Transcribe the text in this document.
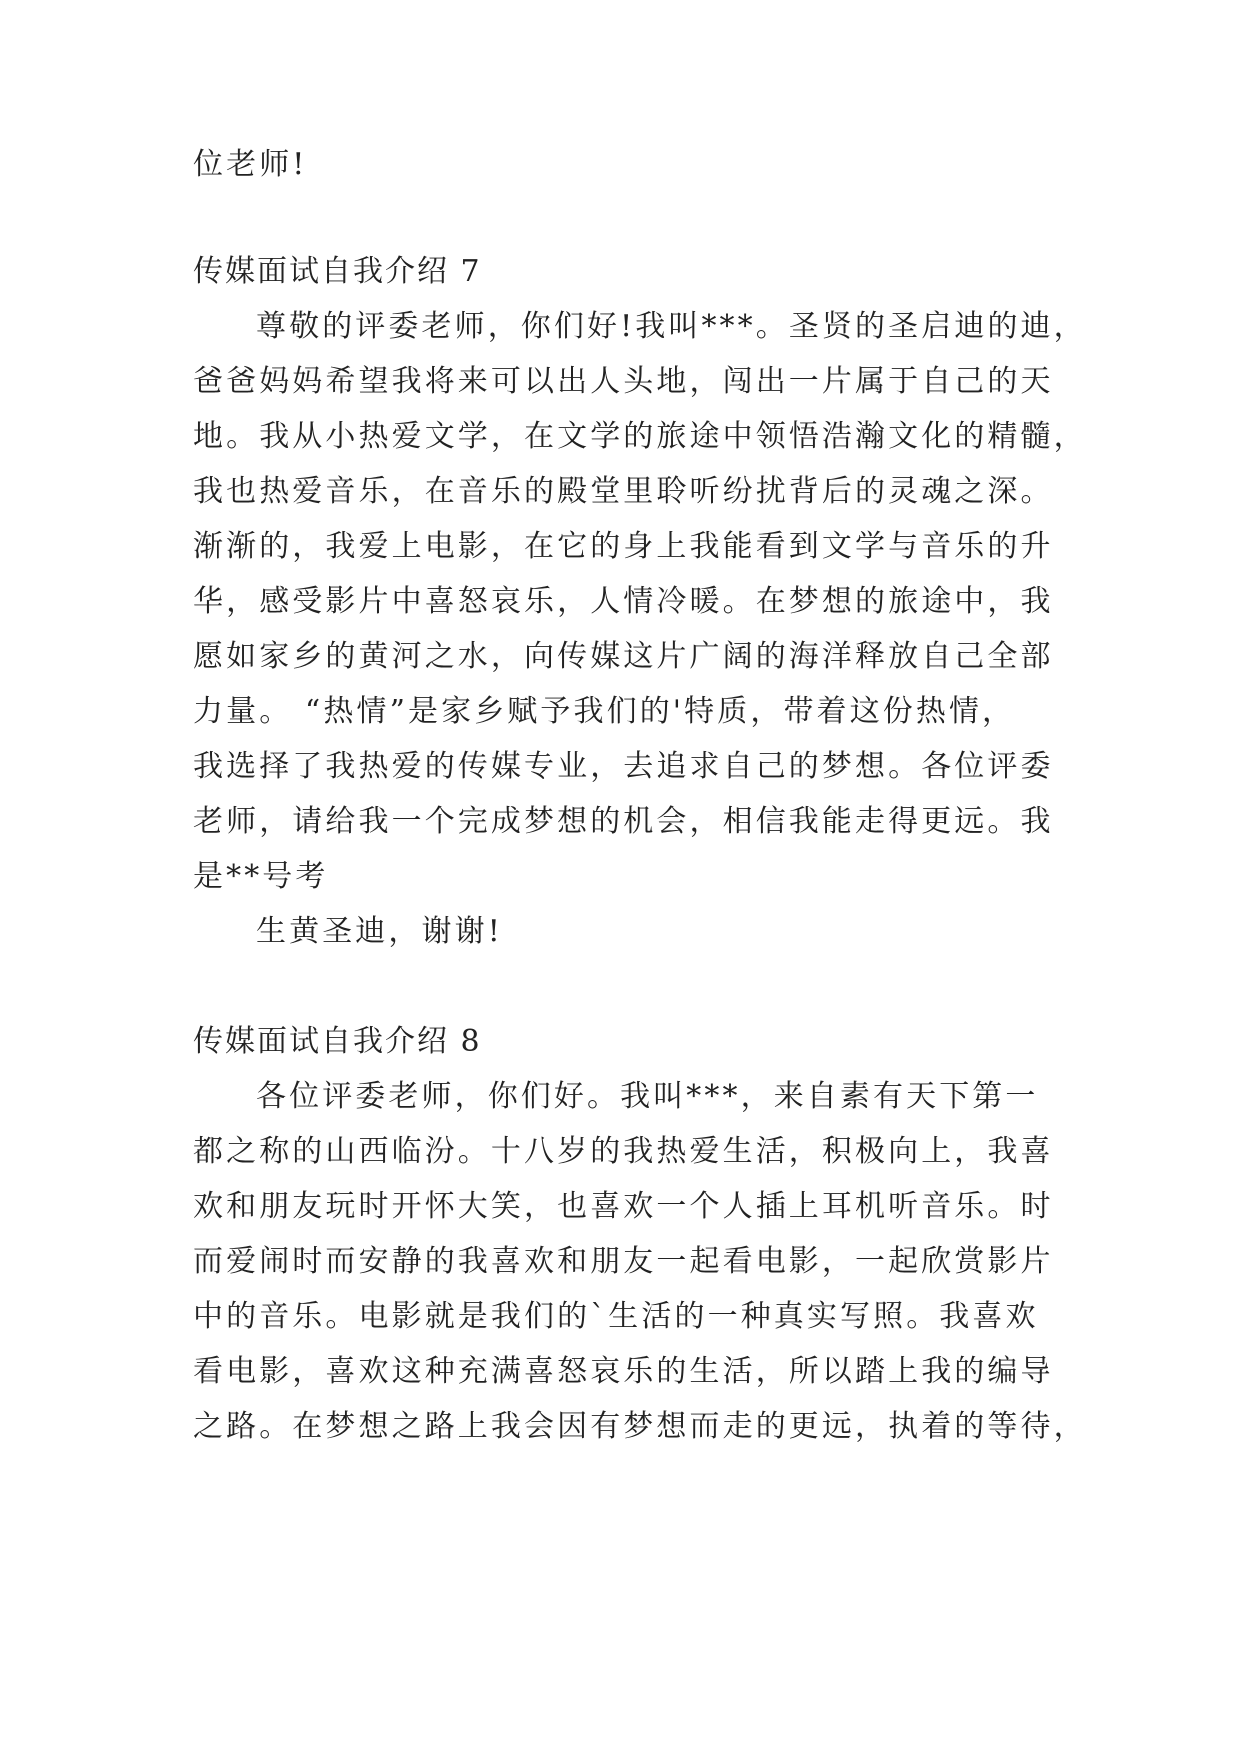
位老师!
传媒面试自我介绍 7
尊敬的评委老师，你们好!我叫***。圣贤的圣启迪的迪，
爸爸妈妈希望我将来可以出人头地，闯出一片属于自己的天
地。我从小热爱文学，在文学的旅途中领悟浩瀚文化的精髓，
我也热爱音乐，在音乐的殿堂里聆听纷扰背后的灵魂之深。
渐渐的，我爱上电影，在它的身上我能看到文学与音乐的升
华，感受影片中喜怒哀乐，人情冷暖。在梦想的旅途中，我
愿如家乡的黄河之水，向传媒这片广阔的海洋释放自己全部
力量。 “热情”是家乡赋予我们的'特质，带着这份热情，
我选择了我热爱的传媒专业，去追求自己的梦想。各位评委
老师，请给我一个完成梦想的机会，相信我能走得更远。我
是**号考
生黄圣迪，谢谢!
传媒面试自我介绍 8
各位评委老师，你们好。我叫***，来自素有天下第一
都之称的山西临汾。十八岁的我热爱生活，积极向上，我喜
欢和朋友玩时开怀大笑，也喜欢一个人插上耳机听音乐。时
而爱闹时而安静的我喜欢和朋友一起看电影，一起欣赏影片
中的音乐。电影就是我们的`生活的一种真实写照。我喜欢
看电影，喜欢这种充满喜怒哀乐的生活，所以踏上我的编导
之路。在梦想之路上我会因有梦想而走的更远，执着的等待，
